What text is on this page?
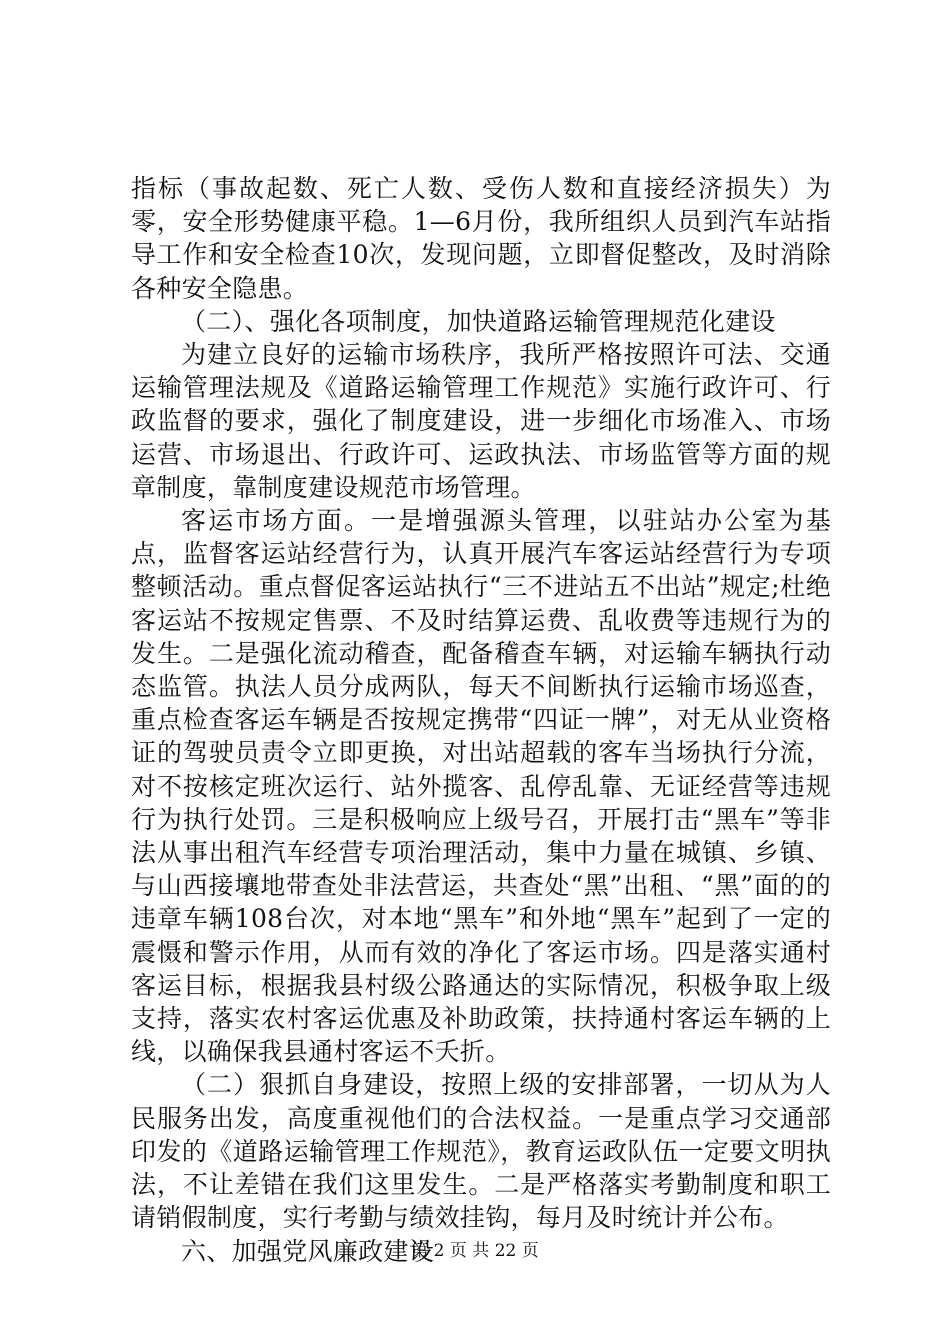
指标（事故起数、死亡人数、受伤人数和直接经济损失）为零，安全形势健康平稳。1—6月份，我所组织人员到汽车站指导工作和安全检查10次，发现问题，立即督促整改，及时消除各种安全隐患。

（二）、强化各项制度，加快道路运输管理规范化建设

为建立良好的运输市场秩序，我所严格按照许可法、交通运输管理法规及《道路运输管理工作规范》实施行政许可、行政监督的要求，强化了制度建设，进一步细化市场准入、市场运营、市场退出、行政许可、运政执法、市场监管等方面的规章制度，靠制度建设规范市场管理。

客运市场方面。一是增强源头管理，以驻站办公室为基点，监督客运站经营行为，认真开展汽车客运站经营行为专项整顿活动。重点督促客运站执行“三不进站五不出站”规定;杜绝客运站不按规定售票、不及时结算运费、乱收费等违规行为的发生。二是强化流动稽查，配备稽查车辆，对运输车辆执行动态监管。执法人员分成两队，每天不间断执行运输市场巡查，重点检查客运车辆是否按规定携带“四证一牌”，对无从业资格证的驾驶员责令立即更换，对出站超载的客车当场执行分流，对不按核定班次运行、站外揽客、乱停乱靠、无证经营等违规行为执行处罚。三是积极响应上级号召，开展打击“黑车”等非法从事出租汽车经营专项治理活动，集中力量在城镇、乡镇、与山西接壤地带查处非法营运，共查处“黑”出租、“黑”面的的违章车辆108台次，对本地“黑车”和外地“黑车”起到了一定的震慑和警示作用，从而有效的净化了客运市场。四是落实通村客运目标，根据我县村级公路通达的实际情况，积极争取上级支持，落实农村客运优惠及补助政策，扶持通村客运车辆的上线，以确保我县通村客运不夭折。

（二）狠抓自身建设，按照上级的安排部署，一切从为人民服务出发，高度重视他们的合法权益。一是重点学习交通部印发的《道路运输管理工作规范》，教育运政队伍一定要文明执法，不让差错在我们这里发生。二是严格落实考勤制度和职工请销假制度，实行考勤与绩效挂钩，每月及时统计并公布。

六、加强党风廉政建设

第 2 页 共 22 页
